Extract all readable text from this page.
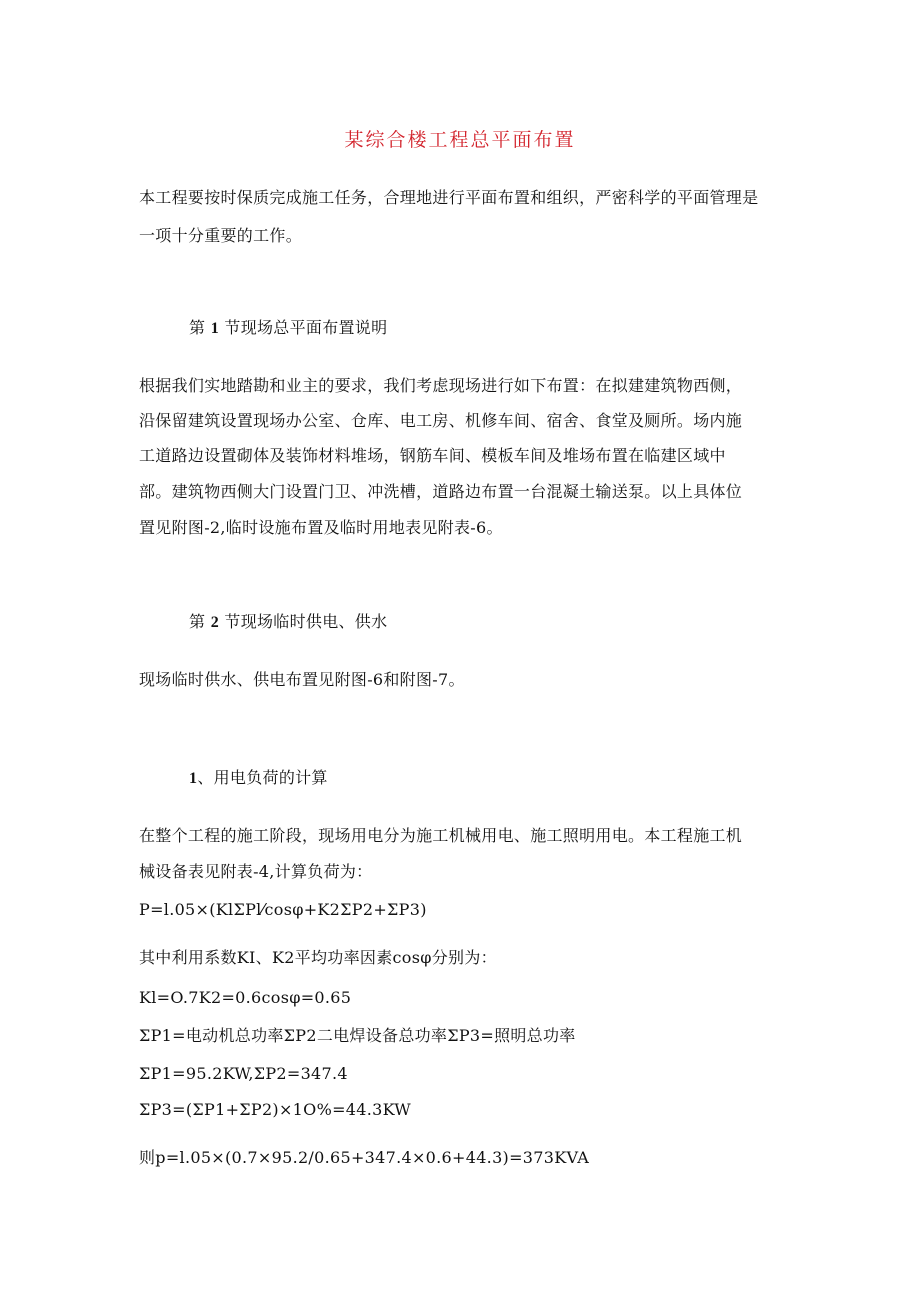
某综合楼工程总平面布置
本工程要按时保质完成施工任务，合理地进行平面布置和组织，严密科学的平面管理是
一项十分重要的工作。
第 1 节现场总平面布置说明
根据我们实地踏勘和业主的要求，我们考虑现场进行如下布置：在拟建建筑物西侧，
沿保留建筑设置现场办公室、仓库、电工房、机修车间、宿舍、食堂及厕所。场内施
工道路边设置砌体及装饰材料堆场，钢筋车间、模板车间及堆场布置在临建区域中
部。建筑物西侧大门设置门卫、冲洗槽，道路边布置一台混凝土输送泵。以上具体位
置见附图-2,临时设施布置及临时用地表见附表-6。
第 2 节现场临时供电、供水
现场临时供水、供电布置见附图-6和附图-7。
1、用电负荷的计算
在整个工程的施工阶段，现场用电分为施工机械用电、施工照明用电。本工程施工机
械设备表见附表-4,计算负荷为：
P=l.05×(KlΣPl⁄cosφ+K2ΣP2+ΣP3)
其中利用系数KI、K2平均功率因素cosφ分别为：
Kl=O.7K2=0.6cosφ=0.65
ΣP1=电动机总功率ΣP2二电焊设备总功率ΣP3=照明总功率
ΣP1=95.2KW,ΣP2=347.4
ΣP3=(ΣP1+ΣP2)×1O%=44.3KW
则p=l.05×(0.7×95.2/0.65+347.4×0.6+44.3)=373KVA
